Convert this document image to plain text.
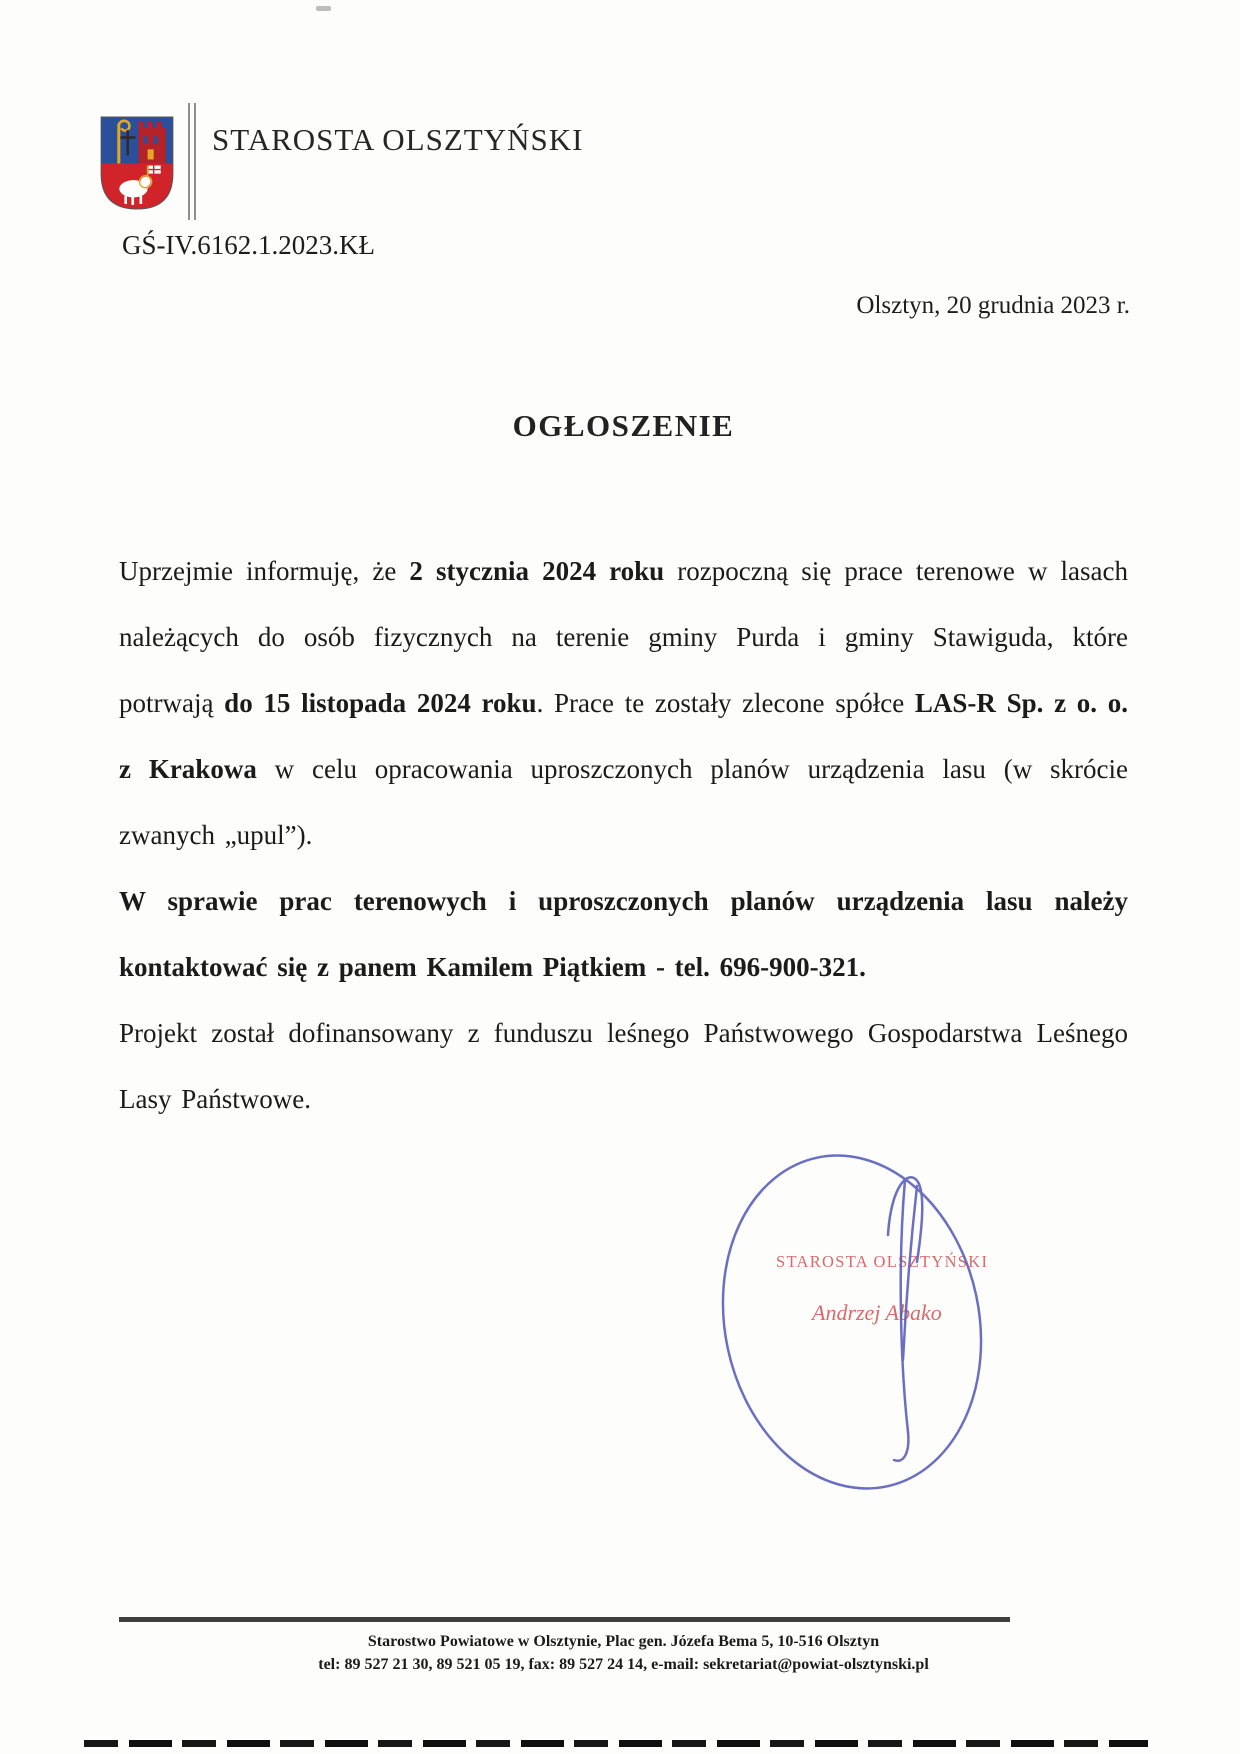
STAROSTA OLSZTYŃSKI
GŚ-IV.6162.1.2023.KŁ
Olsztyn, 20 grudnia 2023 r.
OGŁOSZENIE

Uprzejmie informuję, że 2 stycznia 2024 roku rozpoczną się prace terenowe w lasach należących do osób fizycznych na terenie gminy Purda i gminy Stawiguda, które potrwają do 15 listopada 2024 roku. Prace te zostały zlecone spółce LAS-R Sp. z o. o. z Krakowa w celu opracowania uproszczonych planów urządzenia lasu (w skrócie zwanych „upul”).

W sprawie prac terenowych i uproszczonych planów urządzenia lasu należy kontaktować się z panem Kamilem Piątkiem - tel. 696-900-321.

Projekt został dofinansowany z funduszu leśnego Państwowego Gospodarstwa Leśnego Lasy Państwowe.

STAROSTA OLSZTYŃSKI
Andrzej Abako
Starostwo Powiatowe w Olsztynie, Plac gen. Józefa Bema 5, 10-516 Olsztyn
tel: 89 527 21 30, 89 521 05 19, fax: 89 527 24 14, e-mail: sekretariat@powiat-olsztynski.pl
